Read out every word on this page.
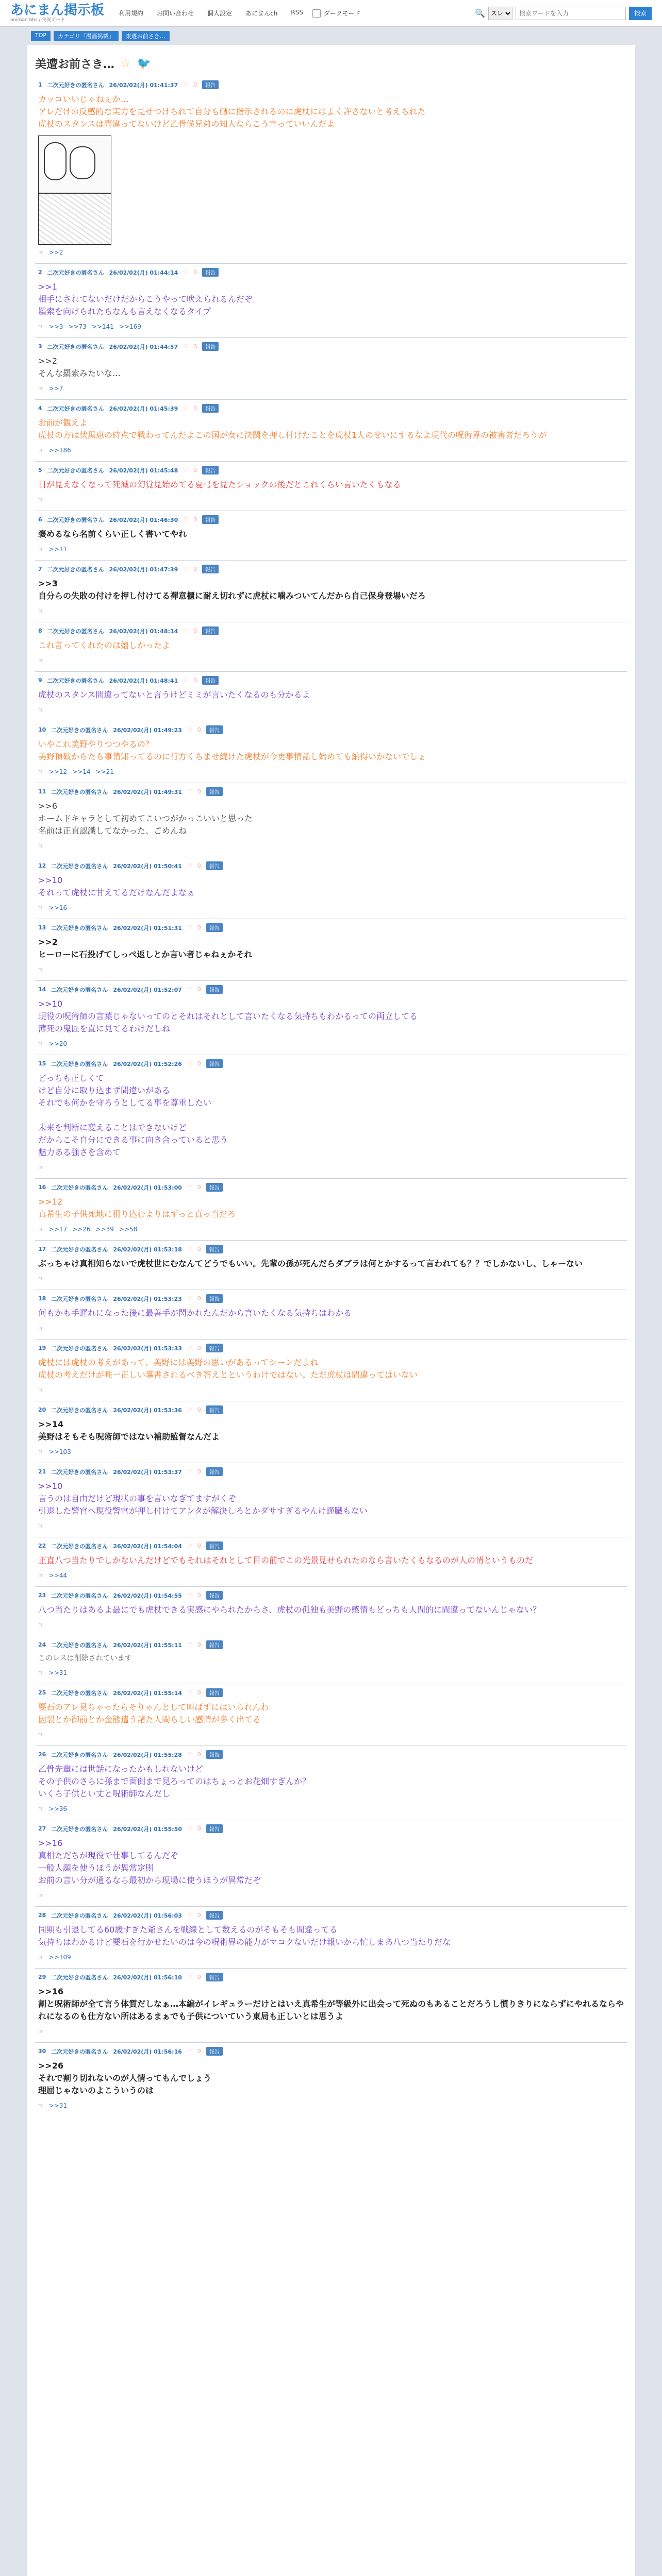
あにまん掲示板
animan bbs / 実況ボード
利用規約	お問い合わせ	個人設定	あにまんch	RSS	ダークモード	🔍
スレ
検索ワードを入力	検索
TOP	カテゴリ「漫画掲載」	東遷お前さき…
美遭お前さき… ☆ 🐦
1 二次元好きの匿名さん 26/02/02(月) 01:41:37 ♡ 0	報告
カッコいいじゃねぇか…
アレだけの反感的な実力を見せつけられて自分も働に指示されるのに虎杖にはよく許さないと考えられた
虎杖のスタンスは間違ってないけど乙骨候兄弟の知人ならこう言っていいんだよ
☞ >>2
2 二次元好きの匿名さん 26/02/02(月) 01:44:14 ♡ 0	報告
>>1
相手にされてないだけだからこうやって吠えられるんだぞ
羂索を向けられたらなんも言えなくなるタイプ
☞ >>3 >>73 >>141 >>169
3 二次元好きの匿名さん 26/02/02(月) 01:44:57 ♡ 0	報告
>>2
そんな羂索みたいな…
☞ >>7
4 二次元好きの匿名さん 26/02/02(月) 01:45:39 ♡ 0	報告
お前が観えよ
虎杖の方は伏黒恵の時点で戦わってんだよこの国が女に決闘を押し付けたことを虎杖1人のせいにするなよ現代の呪術界の被害者だろうが
☞ >>186
5 二次元好きの匿名さん 26/02/02(月) 01:45:48 ♡ 0	報告
目が見えなくなって死滅の幻覚見始めてる夏弓を見たショックの後だとこれくらい言いたくもなる
☞
6 二次元好きの匿名さん 26/02/02(月) 01:46:30 ♡ 0	報告
褒めるなら名前くらい正しく書いてやれ
☞ >>11
7 二次元好きの匿名さん 26/02/02(月) 01:47:39 ♡ 0	報告
>>3
自分らの失敗の付けを押し付けてる禪意櫃に耐え切れずに虎杖に噛みついてんだから自己保身登場いだろ
☞
8 二次元好きの匿名さん 26/02/02(月) 01:48:14 ♡ 0	報告
これ言ってくれたのは嬉しかったよ
☞
9 二次元好きの匿名さん 26/02/02(月) 01:48:41 ♡ 0	報告
虎杖のスタンス間違ってないと言うけどミミが言いたくなるのも分かるよ
☞
10 二次元好きの匿名さん 26/02/02(月) 01:49:23 ♡ 0	報告
いやこれ美野やりつつやるの？
美野頂破からたら事情知ってるのに行方くらませ続けた虎杖が今更事情話し始めても納得いかないでしょ
☞ >>12 >>14 >>21
11 二次元好きの匿名さん 26/02/02(月) 01:49:31 ♡ 0	報告
>>6
ホームドキャラとして初めてこいつがかっこいいと思った
名前は正直認識してなかった、ごめんね
☞
12 二次元好きの匿名さん 26/02/02(月) 01:50:41 ♡ 0	報告
>>10
それって虎杖に甘えてるだけなんだよなぁ
☞ >>16
13 二次元好きの匿名さん 26/02/02(月) 01:51:31 ♡ 0	報告
>>2
ヒーローに石投げてしっぺ返しとか言い者じゃねぇかそれ
☞
14 二次元好きの匿名さん 26/02/02(月) 01:52:07 ♡ 0	報告
>>10
現役の呪術師の言葉じゃないってのとそれはそれとして言いたくなる気持ちもわかるっての両立してる
薄死の鬼匠を直に見てるわけだしね
☞ >>20
15 二次元好きの匿名さん 26/02/02(月) 01:52:26 ♡ 0	報告
どっちも正しくて
けど自分に取り込まず間違いがある
それでも何かを守ろうとしてる事を尊重したい

未来を判断に変えることはできないけど
だからこそ自分にできる事に向き合っていると思う
魅力ある強さを含めて
☞
16 二次元好きの匿名さん 26/02/02(月) 01:53:00 ♡ 0	報告
>>12
真希生の子供死地に狙り込むよりはずっと真っ当だろ
☞ >>17 >>26 >>39 >>58
17 二次元好きの匿名さん 26/02/02(月) 01:53:18 ♡ 0	報告
ぶっちゃけ真相知らないで虎杖世にむなんてどうでもいい。先輩の孫が死んだらダブラは何とかするって言われても？？でしかないし、しゃーない
☞
18 二次元好きの匿名さん 26/02/02(月) 01:53:23 ♡ 0	報告
何もかも手遅れになった後に最善手が閃かれたんだから言いたくなる気持ちはわかる
☞
19 二次元好きの匿名さん 26/02/02(月) 01:53:33 ♡ 0	報告
虎杖には虎杖の考えがあって、美野には美野の思いがあるってシーンだよね
虎杖の考えだけが唯一正しい導書されるべき答えとというわけではない。ただ虎杖は間違ってはいない
☞
20 二次元好きの匿名さん 26/02/02(月) 01:53:36 ♡ 0	報告
>>14
美野はそもそも呪術師ではない補助監督なんだよ
☞ >>103
21 二次元好きの匿名さん 26/02/02(月) 01:53:37 ♡ 0	報告
>>10
言うのは自由だけど現状の事を言いなぎてますがくぞ
引退した警官へ現役警官が押し付けてアンタが解決しろとかダサすぎるやんけ謹臓もない
☞
22 二次元好きの匿名さん 26/02/02(月) 01:54:04 ♡ 0	報告
正直八つ当たりでしかないんだけどでもそれはそれとして目の前でこの光景見せられたのなら言いたくもなるのが人の情というものだ
☞ >>44
23 二次元好きの匿名さん 26/02/02(月) 01:54:55 ♡ 0	報告
八つ当たりはあるよ最にでも虎杖できる実感にやられたからさ、虎杖の孤独も美野の感情もどっちも人間的に間違ってないんじゃない？
☞
24 二次元好きの匿名さん 26/02/02(月) 01:55:11 ♡ 0	報告
このレスは削除されています
☞ >>31
25 二次元好きの匿名さん 26/02/02(月) 01:55:14 ♡ 0	報告
要石のアレ見ちゃったらそりゃんとして叫ばずにはいられんわ
因裂とか御前とか金態遣う諸た人間らしい感情が多く出てる
☞
26 二次元好きの匿名さん 26/02/02(月) 01:55:28 ♡ 0	報告
乙骨先輩には世話になったかもしれないけど
その子供のさらに孫まで面倒まで見ろってのはちょっとお花畑すぎんか？
いくら子供とい丈と呪術師なんだし
☞ >>36
27 二次元好きの匿名さん 26/02/02(月) 01:55:50 ♡ 0	報告
>>16
真相ただちが現役で仕事してるんだぞ
一般人顔を使うほうが異常定則
お前の言い分が通るなら最初から現場に使うほうが異常だぞ
☞
28 二次元好きの匿名さん 26/02/02(月) 01:56:03 ♡ 0	報告
同期も引退してる60歳すぎた爺さんを戦線として数えるのがそもそも間違ってる
気持ちはわかるけど要石を行かせたいのは今の呪術界の能力がマコクないだけ報いから忙しまあ八つ当たりだな
☞ >>109
29 二次元好きの匿名さん 26/02/02(月) 01:56:10 ♡ 0	報告
>>16
割と呪術師が全て言う体質だしなぁ…本編がイレギュラーだけとはいえ真希生が等級外に出会って死ぬのもあることだろうし慣りきりにならずにやれるならやれになるのも仕方ない所はあるまぁでも子供についていう東局も正しいとは思うよ
☞
30 二次元好きの匿名さん 26/02/02(月) 01:56:16 ♡ 0	報告
>>26
それで割り切れないのが人情ってもんでしょう
理屈じゃないのよこういうのは
☞ >>31
